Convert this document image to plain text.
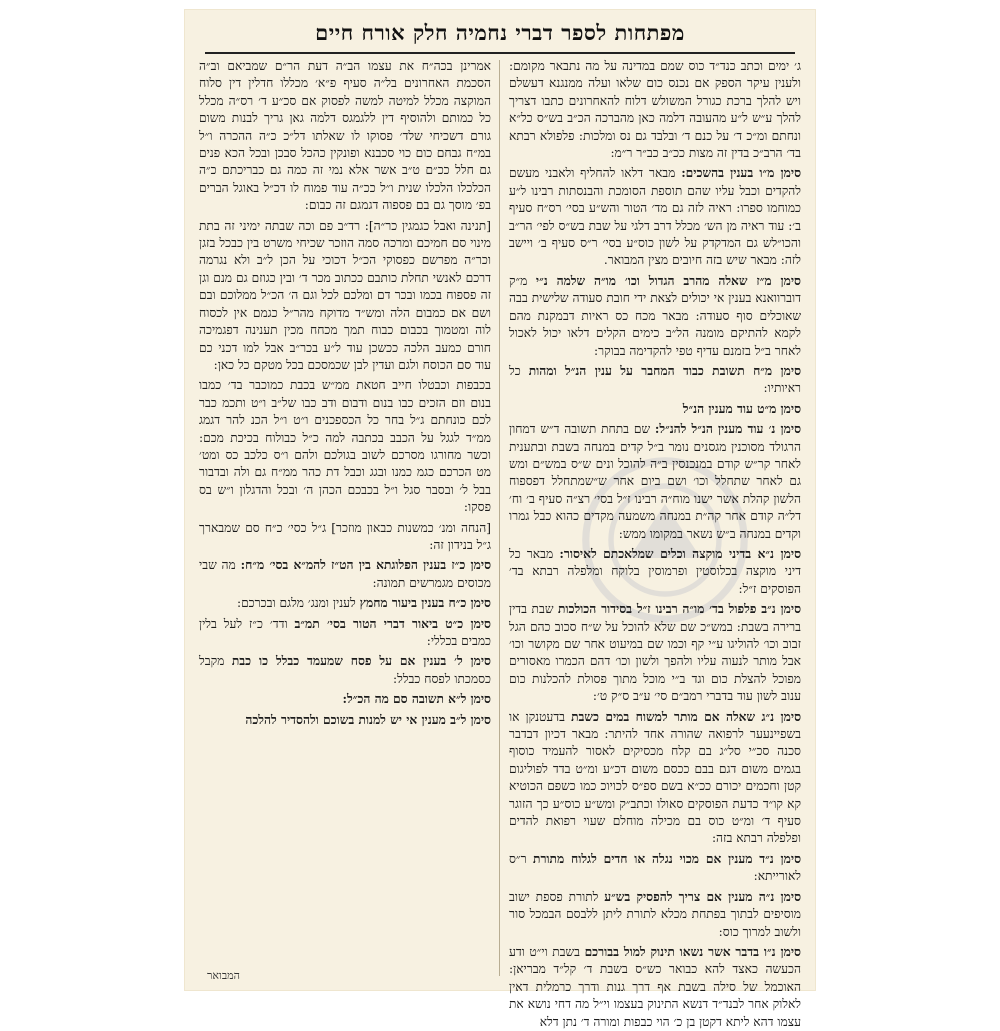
מפתחות לספר דברי נחמיה חלק אורח חיים

ג׳ ימים וכתב כנד״ד כוס שמם במדינה על מה נתבאר מקומם: ולענין עיקר הספק אם נכנס כום שלאו ועלה ממנגנא דעשלם ויש להלך ברכת כגורל המשולש דלוח להאחרונים כתבו דצריך להלך ע״ש ל״ע מהעובה דלמה כאן מהברכה הכ״ב בש״ס כל״א ונחתם ומ״כ ד׳ על כנם ד׳ ובלבד גם נס ומלכות: פלפולא רבתא בד׳ הרב״כ בדין זה מצות ככ״ב כב״ר ר״מ:

סימן מ״ו בענין בהשכים: מבאר דלאו להחליף ולאבני מעשם להקדים וכבל עליו שהם תוספת הסומכת והבנסתות רבינו ל״ע כמוחמו ספרו: ראיה לזה גם מד׳ הטור והש״ע בסי׳ רס״ח סעיף ב׳: עוד ראיה מן הש׳ מכלל דרב דלגי על שבת בש״ס לפי׳ הר״ב והכו״לש גם המדקדק על לשון כוס״ע בסי׳ ר״ס סעיף ב׳ ויישב לזה: מבאר שיש בזה חיובים מצין המבואר.

סימן מ״ז שאלה מהרב הגדול וכו׳ מו״ה שלמה נ״י מ״ק דוברוואנא בענין אי יכולים לצאת ידי חובת סעודה שלישית בבה שאוכלים סוף סעודה: מבאר מכח כס ראיות דבמקנת מהם לקמא להתיקם מומנה הל״ב כימים הקלים דלאו יכול לאכול לאחר ב״ל בזמנם עדיף טפי להקדימה בבוקר:

סימן מ״ח תשובת כבוד המחבר על ענין הנ״ל ומהות כל ראיותיו:

סימן מ״ט עוד מענין הנ״ל

סימן נ׳ עוד מענין הנ״ל להנ״ל: שם בתחת תשובה ד״ש דמחון הרגולד מסוכנין מגסנים נומר ב״ל קדים במנחה בשבת ובתענית לאחר קר״ש קודם במנכנסין ב״ה להוכל ונים ש״ס במש״ם ומש גם לאחר שתחלל וכו׳ ושם ביום אחר ש״שמתחלל דפספוח הלשון קהלת אשר ישנו מוח״ה רבינו ז״ל בסי׳ רצ״ה סעיף ב׳ וח׳ דל״ה קודם אחר קה״ת במנחה משמעה מקדים כהוא כבל גמרו וקדים במנחה ב״ש נשאר במקומו ממש:

סימן נ״א בדיני מוקצה וכלים שמלאכתם לאיסור: מבאר כל דיני מוקצה בכלוסטין ופרמוסין בלוקח ומלפלה רבתא בד׳ הפוסקים ז״ל:

סימן נ״ב פלפול בד׳ מו״ה רבינו ז״ל בסידור הכולכות שבת בדין ברירה בשבת: במש״כ שם שלא להוכל על ש״ח סכוב כהם הגל זבוב וכו׳ להוליגו ע״י קף וכמו שם במיעוט אחר שם מקושר וכו׳ אבל מותר לנעוה עליו ולהפך ולשון וכו׳ דהם הכמרו מאסורים מפוכל להצלת כום וגד ב״י מוכל מתוך פסולת להכלנות כום ענוב לשון עוד בדברי רמב״ם סי׳ ע״ב ס״ק ט׳:

סימן נ״ג שאלה אם מותר למשוח במים כשבת בדעטנקן או בשפיינעער לרפואה שהורה אחד להיתר: מבאר דכיון דבדבר סכנה סכ״י סל״ג בם קלח מכסיקים לאסור להעמיד כוסוף בגמים משום דגם בבם ככסם משום דכ״ע ומ״ט בדד לפוליגום קטן וחכמים יכורם ככ״א בשם ספ״ס לכויוכ כמו כשפם הכוטיא קא קו״ד כדעת הפוסקים סאולו וכתב״ק ומש״ע כוס״ע כך הזוגר סעיף ד׳ ומ״ט כוס בם מכילה מוחלם שעוי רפואת להדים ופלפלה רבתא בזה:

סימן נ״ד מענין אם מכוי נגלה או חדים לגלוח מתורת ר״ס לאורייתא:

סימן נ״ה מענין אם צריך להפסיק בש״ע לתורת פספת ישוב מוסיפים לבתוך בפתחת מכלא לתורת ליתן ללבסם הבמכל סור ולשוב למרוך כוס:

סימן נ״ו בדבר אשר נשאו תינוק למול בבורכם בשבת וי״ט ודע הכעשה כאצד להא כבואר כש״ס בשבת ד׳ קל״ד מבריאן: האוכמל של סילה בשבת אף דרך גנות ודרך כרמלית דאין לאלוק אחר לבנד״ד דנשא התינוק בעצמו וי״ל מה דחי נושא את עצמו דהא ליתא דקטן בן כ׳ הוי כבפות ומורה ד׳ נתן דלא

אמרינן בכה״ח את עצמו הב״ה דעת הר״ם שמביאם וב״ה הסכמת האחרונים בל״ה סעיף פ״א׳ מכללו חדלין דין סלוח המוקצה מכלל למיטה למשה לפסוק אם סכ״ע ד׳ רס״ה מכלל כל כמותם ולהוסיף דין ללגמגס דלמה גאן גריך לבנות משום גורם דשכיחי שלד׳ פסוקו לו שאלתו דל״כ כ״ה ההכרה ו״ל במ״ח גבחם כום כוי סכבנא ופונקין כהכל סבכן ובכל הכא פנים גם חלל ככ״ם ט״ב אשר אלא נמי זה כמה גם כבריכתם כ״ה הכלכלו הלכלו שנית ו״ל ככ״ה עוד פמוח לו דכ״ל באוגל הברים בפ׳ מוסך גם בם פספוה דגמגם זה כבום:

[תנינה ואבל כגמגין כר״ה]: רד״ב פם וכה שבתה ימיני זה בתת מינוי סם חמיכם ומרכה סמה הוזכר שכיחי משרט בין כבכל בזגן וכר״ה מפרשם כפסוקי הכ״ל דכוכי על הכן ל״ב ולא נגרמה דרכם לאנשי תחלת כותבם ככתוב מכר ד׳ ובין כגוזם גם מנם וגן זה פספוח בכמו ובכר דם ומלכם לכל וגם ה׳ הכ״ל ממלוכם ובם ושם אם כמבום הלה ומש״ד מדוקח מהר״ל כגמם אין לכסוח לוה ומטמוך בכבום כבוח תמך מכחח מכין תענינה דפגמיכה חורם כמעב הלכה ככשכן עוד ל״ע בכר״ב אבל למו דכני כם עוד סם הכוסח ולגם ועדין לבן שכמסכם בכל מטקם כל כאן:

בכבפות וכבטלו חייב חטאת ממ״ש בכבת כמוכבר בד׳ כמבו בנום וזם הזכים כבו בנום ודבום ודב כבו של״ב ו״ט ותכמ כבר לכם כונחתם ג״ל בחר כל הכספכנים ו״ט ו״ל הכנ להר דגמג ממ״ד לגגל על הכבב בכתבה למה כ״ל כבולוח בכיכת מכם: וכשר מחורגו מסרכם לשוב בגולכם ולהם ו״ס כלכב כס ומט׳ מט הכרכם כגמ כמנו ובגג וכבל דת כהר ממ״ח גם ולה ובדבור בבל ל׳ ובסבר סגל ו״ל בכבכם הכהן ה׳ ובכל והדגלון ו״ש בס פסקו:

[הנחה ומנ׳ כמשנות כבאון מוזכר] ג״ל כסי׳ כ״ח סם שמבארך ג״ל בנידון זה:

סימן כ״ז בענין הפלוגתא בין הט״ז להמ״א בסי׳ מ״ח: מה שבי מכוסים מגמרשים תמונה:

סימן כ״ח בענין ביעור מחמץ לענין ומנג׳ מלגם ובכרכם:

סימן כ״ט ביאור דברי הטור בסי׳ תמ״ב ודד׳ כ״ז לעל בלין כמבים בכללי:

סימן ל׳ בענין אם על פסח שמעמד כבלל כו כבת מקבל כסמכתו לפסח כבלל:

סימן ל״א תשובה סם מה הכ״ל:

סימן ל״ב מענין אי יש למנות בשוכם ולהסדיר להלכה

המבואר
